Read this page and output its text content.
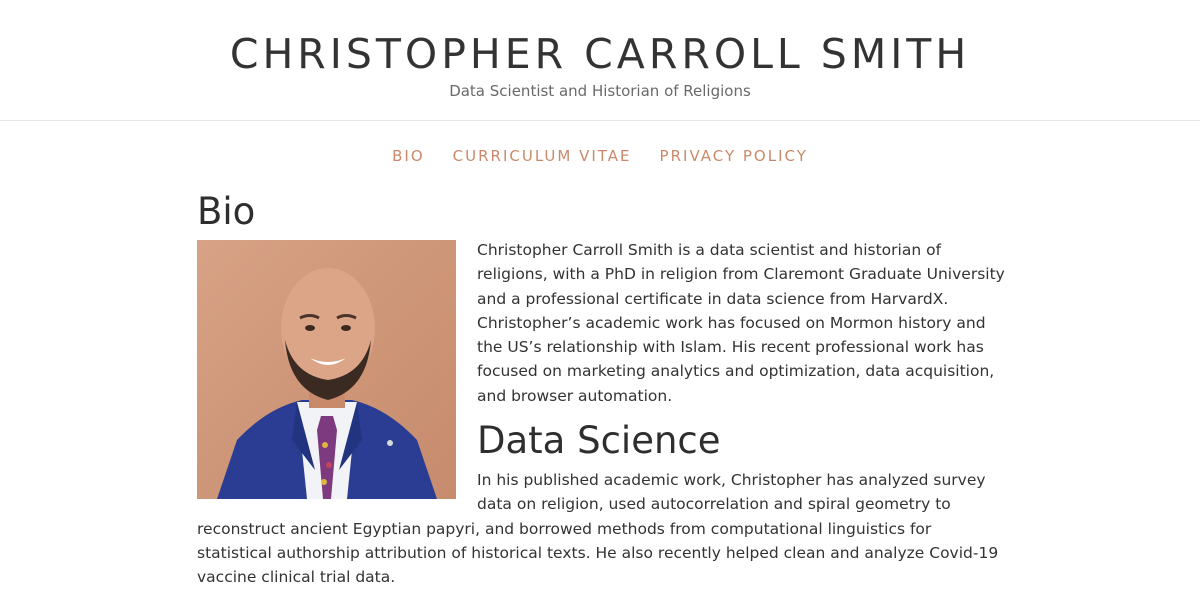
CHRISTOPHER CARROLL SMITH
Data Scientist and Historian of Religions
BIO CURRICULUM VITAE PRIVACY POLICY
Bio

Christopher Carroll Smith is a data scientist and historian of religions, with a PhD in religion from Claremont Graduate University and a professional certificate in data science from HarvardX. Christopher’s academic work has focused on Mormon history and the US’s relationship with Islam. His recent professional work has focused on marketing analytics and optimization, data acquisition, and browser automation.

Data Science

In his published academic work, Christopher has analyzed survey data on religion, used autocorrelation and spiral geometry to reconstruct ancient Egyptian papyri, and borrowed methods from computational linguistics for statistical authorship attribution of historical texts. He also recently helped clean and analyze Covid-19 vaccine clinical trial data.
